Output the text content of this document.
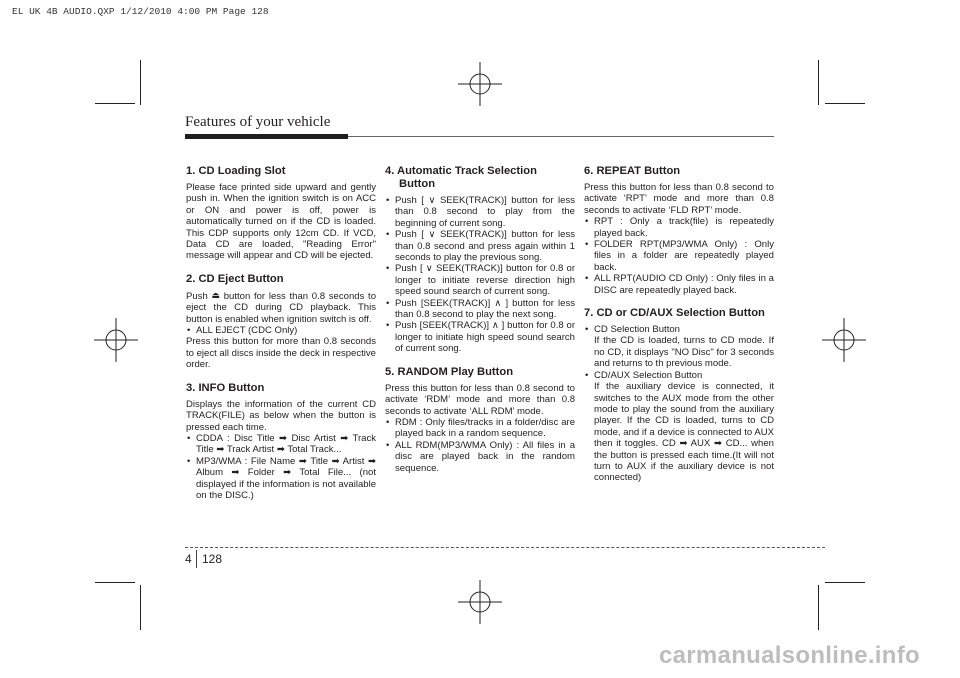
EL UK 4B AUDIO.QXP 1/12/2010 4:00 PM Page 128
Features of your vehicle
1. CD Loading Slot

Please face printed side upward and gently push in. When the ignition switch is on ACC or ON and power is off, power is automatically turned on if the CD is loaded. This CDP supports only 12cm CD. If VCD, Data CD are loaded, "Reading Error" message will appear and CD will be ejected.

2. CD Eject Button

Push ⏏ button for less than 0.8 seconds to eject the CD during CD playback. This button is enabled when ignition switch is off.

• ALL EJECT (CDC Only)

Press this button for more than 0.8 seconds to eject all discs inside the deck in respective order.

3. INFO Button

Displays the information of the current CD TRACK(FILE) as below when the button is pressed each time.

• CDDA : Disc Title ➡ Disc Artist ➡ Track Title ➡ Track Artist ➡ Total Track...
• MP3/WMA : File Name ➡ Title ➡ Artist ➡ Album ➡ Folder ➡ Total File... (not displayed if the information is not available on the DISC.)
4. Automatic Track Selection
Button
• Push [ ∨ SEEK(TRACK)] button for less than 0.8 second to play from the beginning of current song.
• Push [ ∨ SEEK(TRACK)] button for less than 0.8 second and press again within 1 seconds to play the previous song.
• Push [ ∨ SEEK(TRACK)] button for 0.8 or longer to initiate reverse direction high speed sound search of current song.
• Push [SEEK(TRACK)] ∧ ] button for less than 0.8 second to play the next song.
• Push [SEEK(TRACK)] ∧ ] button for 0.8 or longer to initiate high speed sound search of current song.
5. RANDOM Play Button

Press this button for less than 0.8 second to activate ‘RDM’ mode and more than 0.8 seconds to activate ‘ALL RDM’ mode.

• RDM : Only files/tracks in a folder/disc are played back in a random sequence.
• ALL RDM(MP3/WMA Only) : All files in a disc are played back in the random sequence.
6. REPEAT Button

Press this button for less than 0.8 second to activate ‘RPT’ mode and more than 0.8 seconds to activate ‘FLD RPT’ mode.

• RPT : Only a track(file) is repeatedly played back.
• FOLDER RPT(MP3/WMA Only) : Only files in a folder are repeatedly played back.
• ALL RPT(AUDIO CD Only) : Only files in a DISC are repeatedly played back.
7. CD or CD/AUX Selection Button
• CD Selection Button
If the CD is loaded, turns to CD mode. If no CD, it displays "NO Disc" for 3 seconds and returns to th previous mode.
• CD/AUX Selection Button
If the auxiliary device is connected, it switches to the AUX mode from the other mode to play the sound from the auxiliary player. If the CD is loaded, turns to CD mode, and if a device is connected to AUX then it toggles. CD ➡ AUX ➡ CD... when the button is pressed each time.(It will not turn to AUX if the auxiliary device is not connected)
4 128
carmanualsonline.info
